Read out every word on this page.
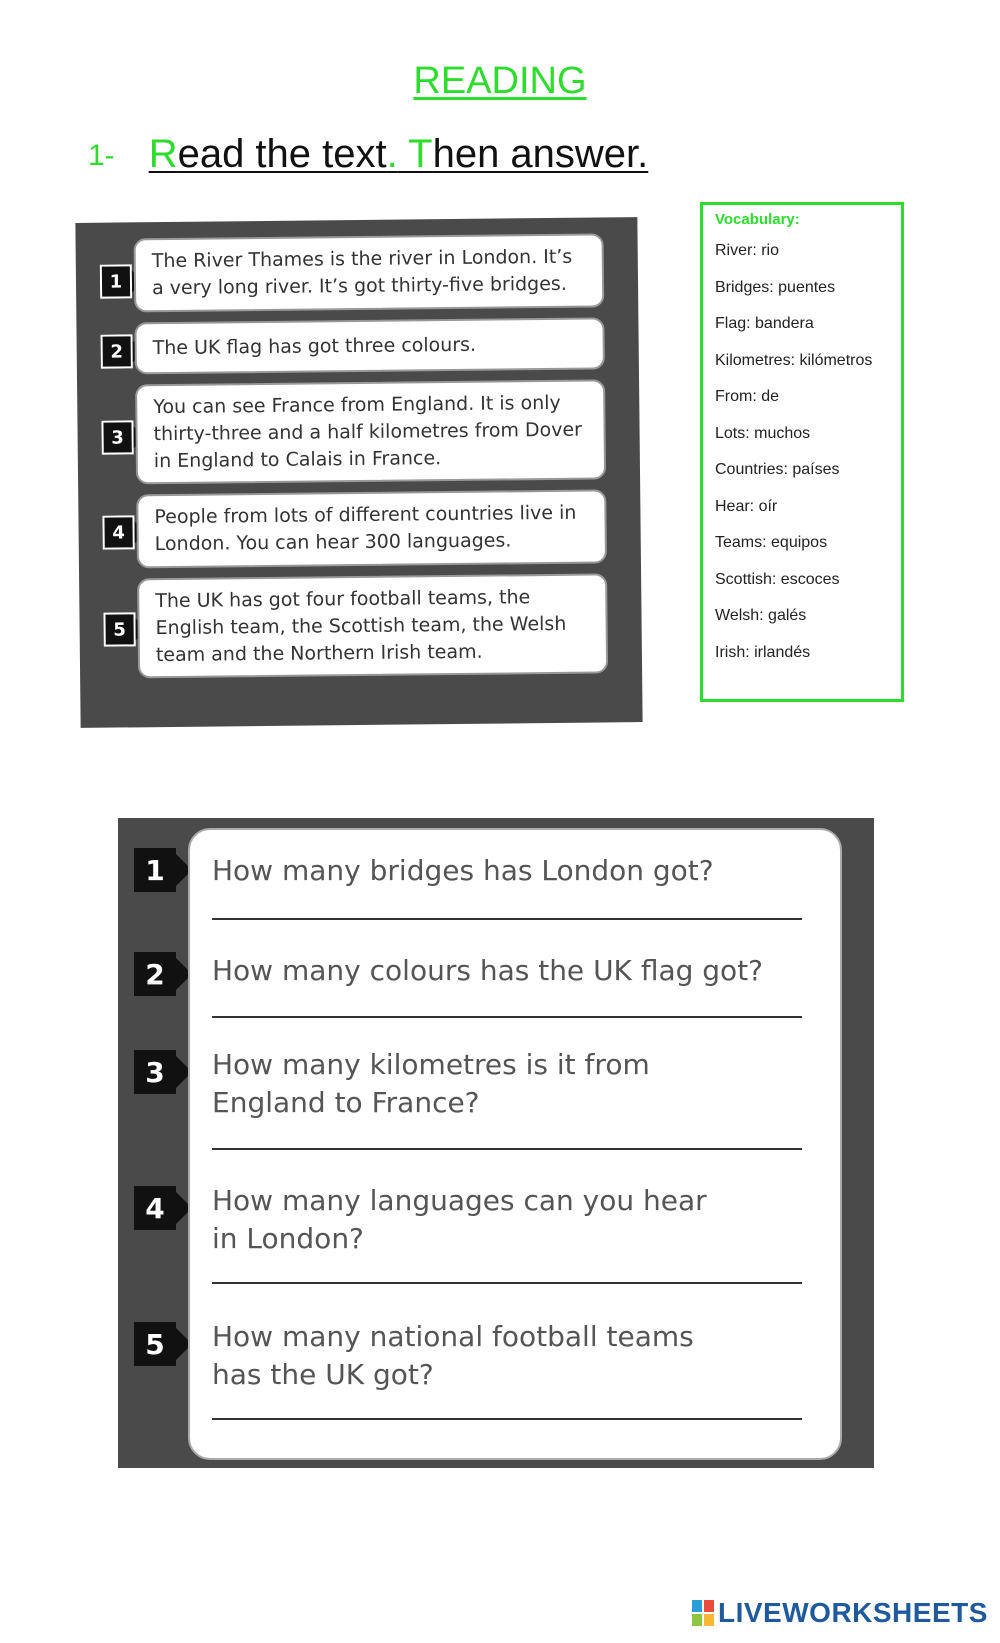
READING
1- Read the text. Then answer.
1
The River Thames is the river in London. It’s a very long river. It’s got thirty-five bridges.
2	The UK flag has got three colours.
3
You can see France from England. It is only thirty-three and a half kilometres from Dover in England to Calais in France.
4
People from lots of different countries live in London. You can hear 300 languages.
5
The UK has got four football teams, the English team, the Scottish team, the Welsh team and the Northern Irish team.
Vocabulary:
River: rio
Bridges: puentes
Flag: bandera
Kilometres: kilómetros
From: de
Lots: muchos
Countries: países
Hear: oír
Teams: equipos
Scottish: escoces
Welsh: galés
Irish: irlandés
1
2
3
4
5
How many bridges has London got?
How many colours has the UK flag got?
How many kilometres is it from England to France?
How many languages can you hear in London?
How many national football teams has the UK got?
LIVEWORKSHEETS
